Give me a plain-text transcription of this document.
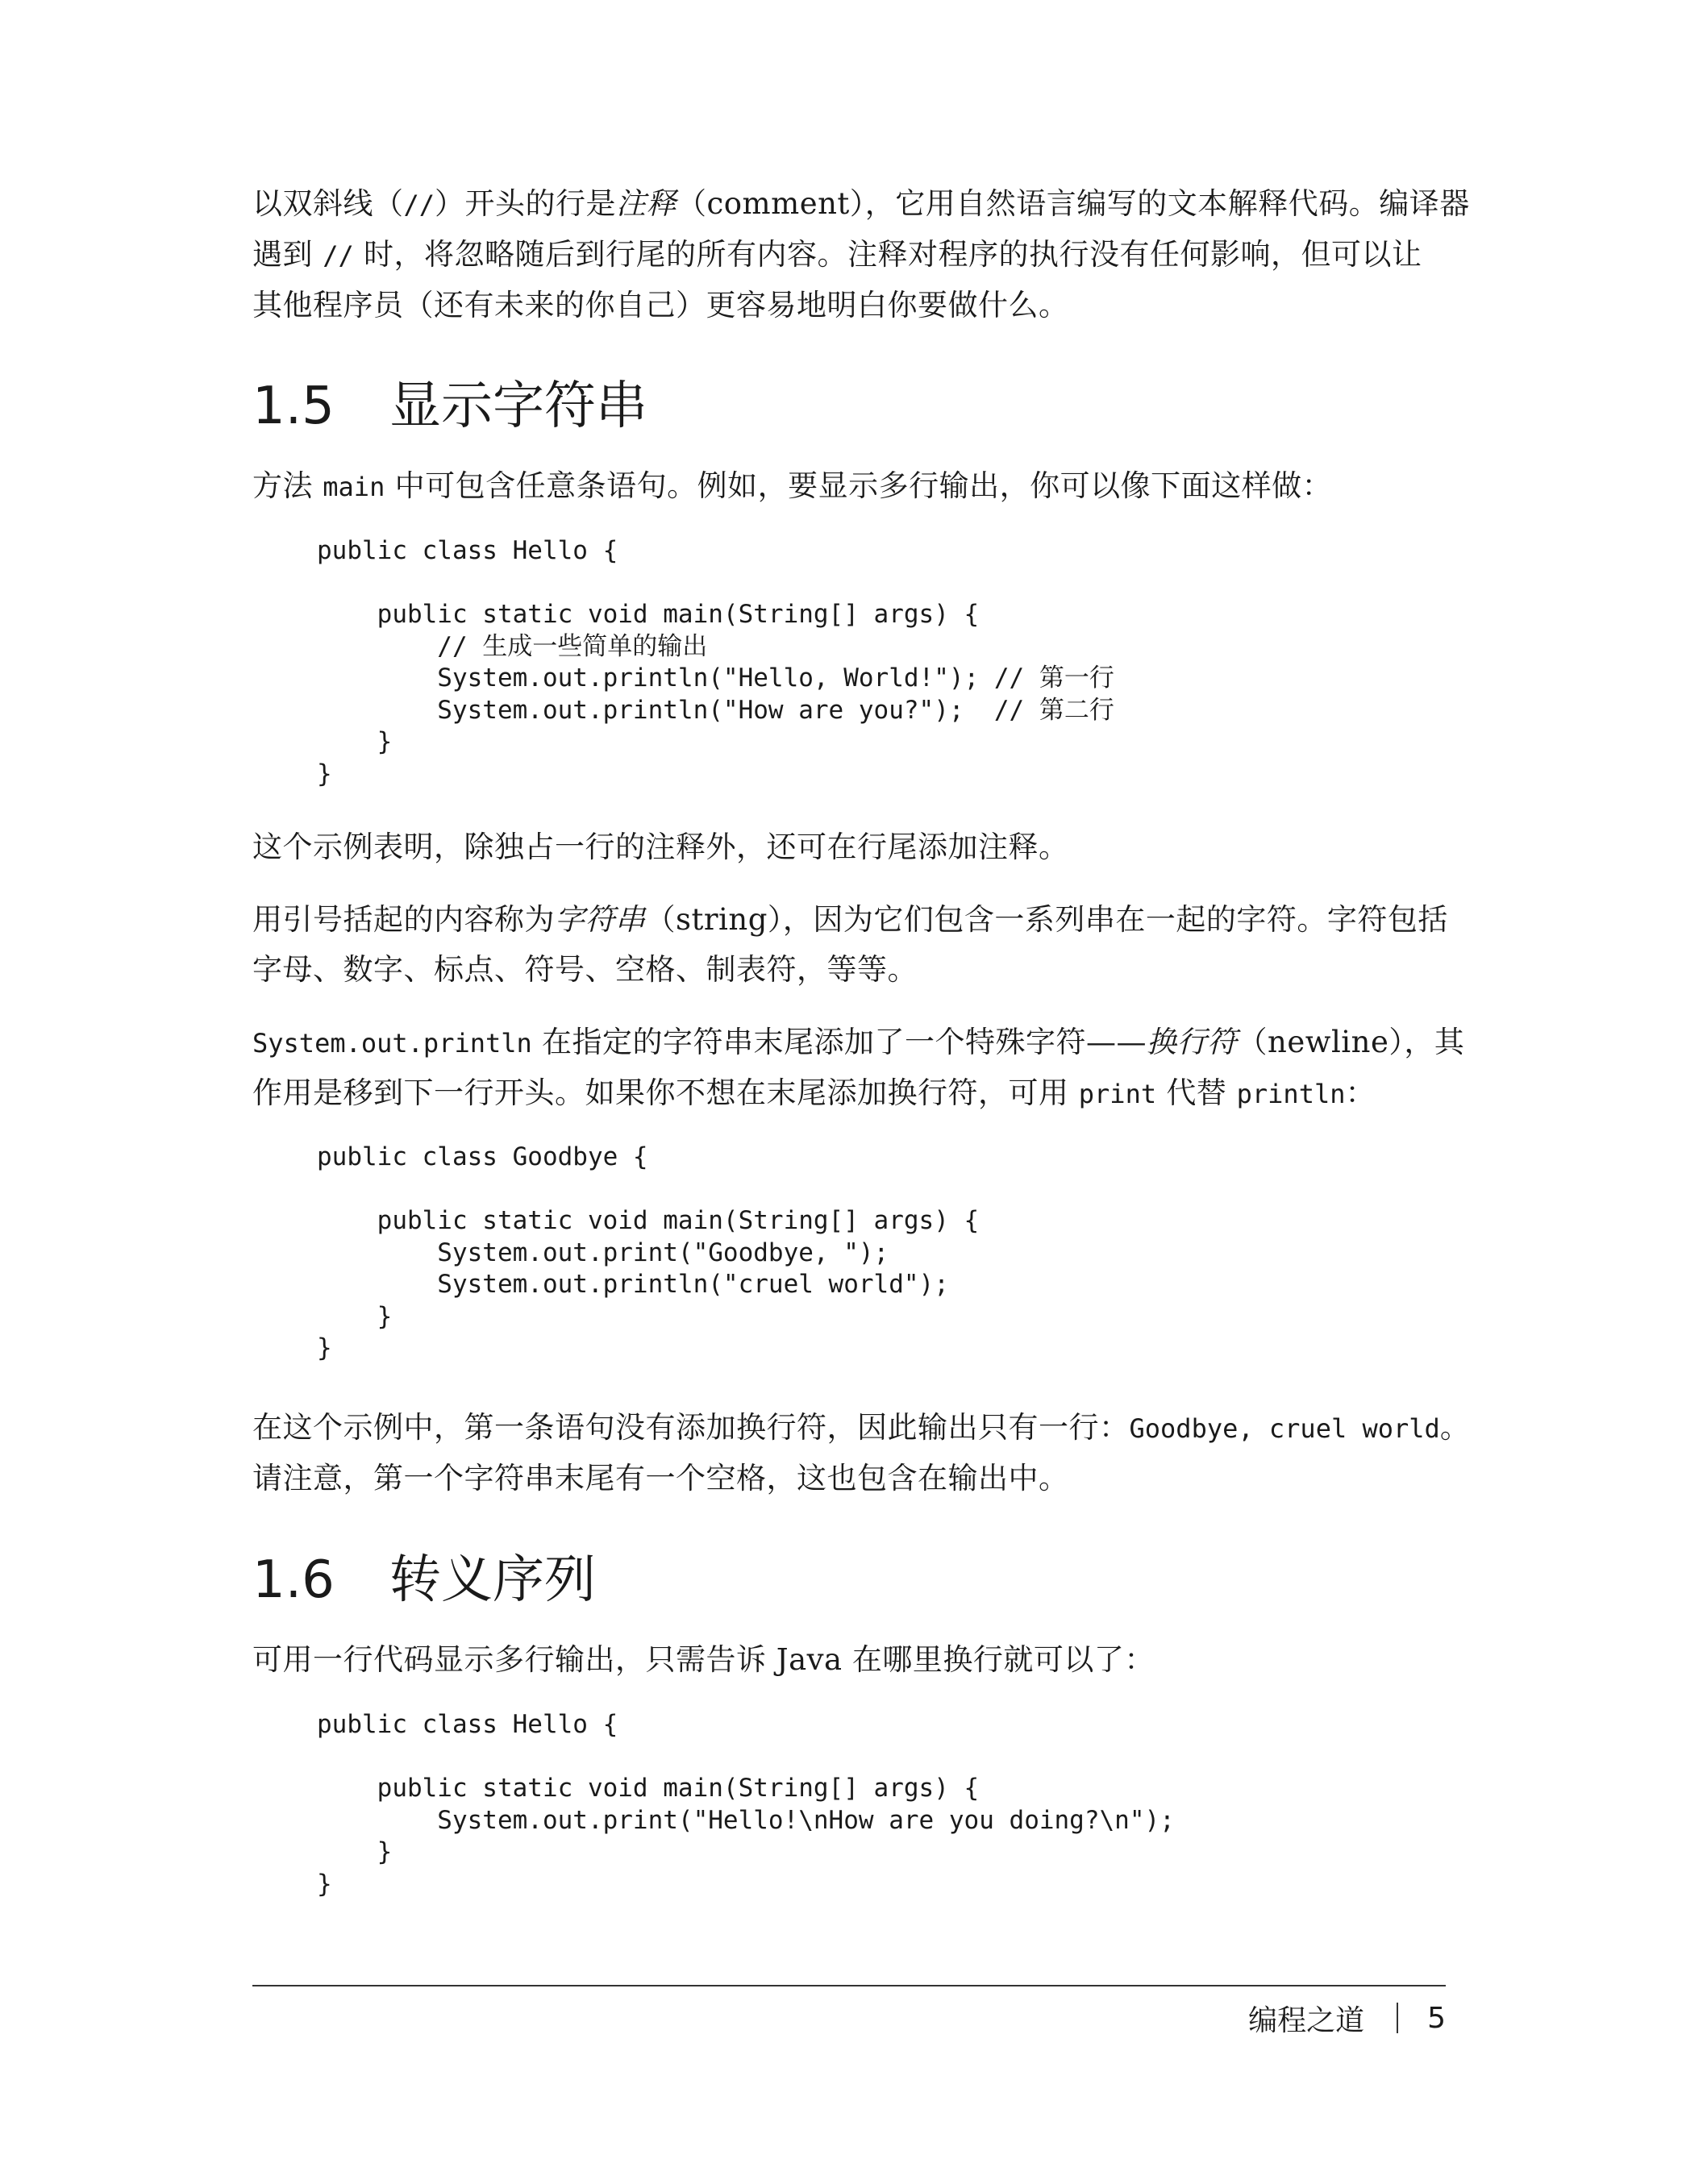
以双斜线（//）开头的行是注释（comment），它用自然语言编写的文本解释代码。编译器

遇到 // 时，将忽略随后到行尾的所有内容。注释对程序的执行没有任何影响，但可以让

其他程序员（还有未来的你自己）更容易地明白你要做什么。

1.5 显示字符串

方法 main 中可包含任意条语句。例如，要显示多行输出，你可以像下面这样做：

public class Hello {
public static void main(String[] args) {
// 生成一些简单的输出
System.out.println("Hello, World!"); // 第一行
System.out.println("How are you?");  // 第二行
}
}

这个示例表明，除独占一行的注释外，还可在行尾添加注释。

用引号括起的内容称为字符串（string），因为它们包含一系列串在一起的字符。字符包括

字母、数字、标点、符号、空格、制表符，等等。

System.out.println 在指定的字符串末尾添加了一个特殊字符——换行符（newline），其

作用是移到下一行开头。如果你不想在末尾添加换行符，可用 print 代替 println：

public class Goodbye {
public static void main(String[] args) {
System.out.print("Goodbye, ");
System.out.println("cruel world");
}
}

在这个示例中，第一条语句没有添加换行符，因此输出只有一行：Goodbye, cruel world。

请注意，第一个字符串末尾有一个空格，这也包含在输出中。

1.6 转义序列

可用一行代码显示多行输出，只需告诉 Java 在哪里换行就可以了：

public class Hello {
public static void main(String[] args) {
System.out.print("Hello!\nHow are you doing?\n");
}
}
编程之道 5
